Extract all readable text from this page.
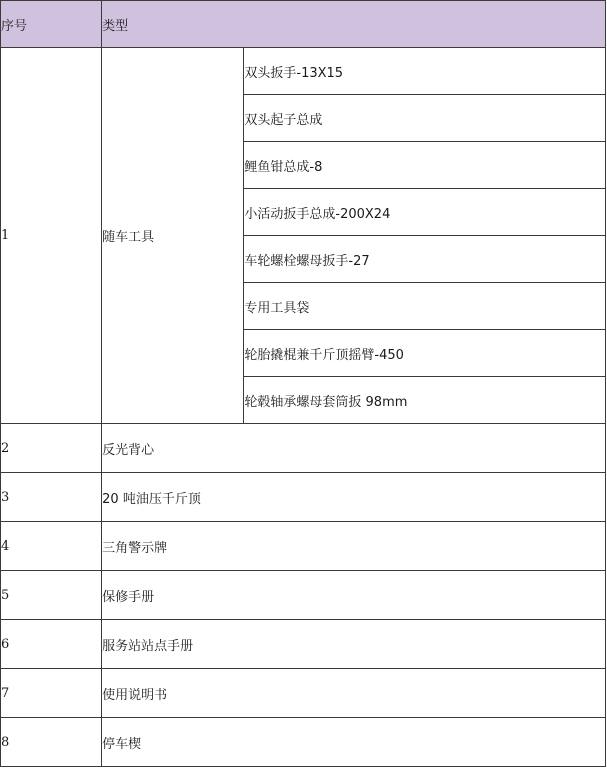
序号	类型	
1	随车工具	双头扳手-13X15
		双头起子总成
		鲤鱼钳总成-8
		小活动扳手总成-200X24
		车轮螺栓螺母扳手-27
		专用工具袋
		轮胎撬棍兼千斤顶摇臂-450
		轮毂轴承螺母套筒扳 98mm
2	反光背心	
3	20 吨油压千斤顶	
4	三角警示牌	
5	保修手册	
6	服务站站点手册	
7	使用说明书	
8	停车楔	
